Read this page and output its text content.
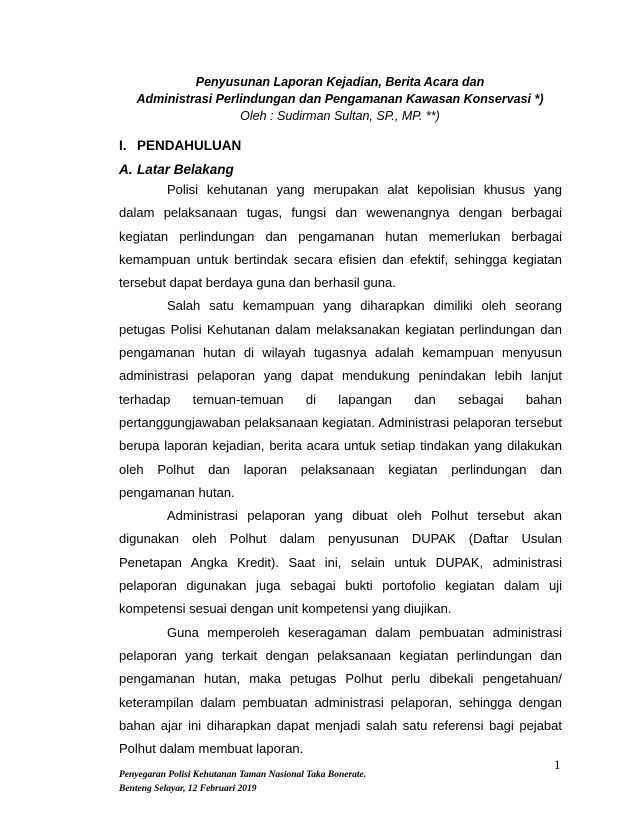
Penyusunan Laporan Kejadian, Berita Acara dan
Administrasi Perlindungan dan Pengamanan Kawasan Konservasi *)
Oleh : Sudirman Sultan, SP., MP. **)
I. PENDAHULUAN
A. Latar Belakang

Polisi kehutanan yang merupakan alat kepolisian khusus yang dalam pelaksanaan tugas, fungsi dan wewenangnya dengan berbagai kegiatan perlindungan dan pengamanan hutan memerlukan berbagai kemampuan untuk bertindak secara efisien dan efektif, sehingga kegiatan tersebut dapat berdaya guna dan berhasil guna.

Salah satu kemampuan yang diharapkan dimiliki oleh seorang petugas Polisi Kehutanan dalam melaksanakan kegiatan perlindungan dan pengamanan hutan di wilayah tugasnya adalah kemampuan menyusun administrasi pelaporan yang dapat mendukung penindakan lebih lanjut terhadap temuan-temuan di lapangan dan sebagai bahan pertanggungjawaban pelaksanaan kegiatan. Administrasi pelaporan tersebut berupa laporan kejadian, berita acara untuk setiap tindakan yang dilakukan oleh Polhut dan laporan pelaksanaan kegiatan perlindungan dan pengamanan hutan.

Administrasi pelaporan yang dibuat oleh Polhut tersebut akan digunakan oleh Polhut dalam penyusunan DUPAK (Daftar Usulan Penetapan Angka Kredit). Saat ini, selain untuk DUPAK, administrasi pelaporan digunakan juga sebagai bukti portofolio kegiatan dalam uji kompetensi sesuai dengan unit kompetensi yang diujikan.

Guna memperoleh keseragaman dalam pembuatan administrasi pelaporan yang terkait dengan pelaksanaan kegiatan perlindungan dan pengamanan hutan, maka petugas Polhut perlu dibekali pengetahuan/ keterampilan dalam pembuatan administrasi pelaporan, sehingga dengan bahan ajar ini diharapkan dapat menjadi salah satu referensi bagi pejabat Polhut dalam membuat laporan.

1
Penyegaran Polisi Kehutanan Taman Nasional Taka Bonerate.
Benteng Selayar, 12 Februari 2019
